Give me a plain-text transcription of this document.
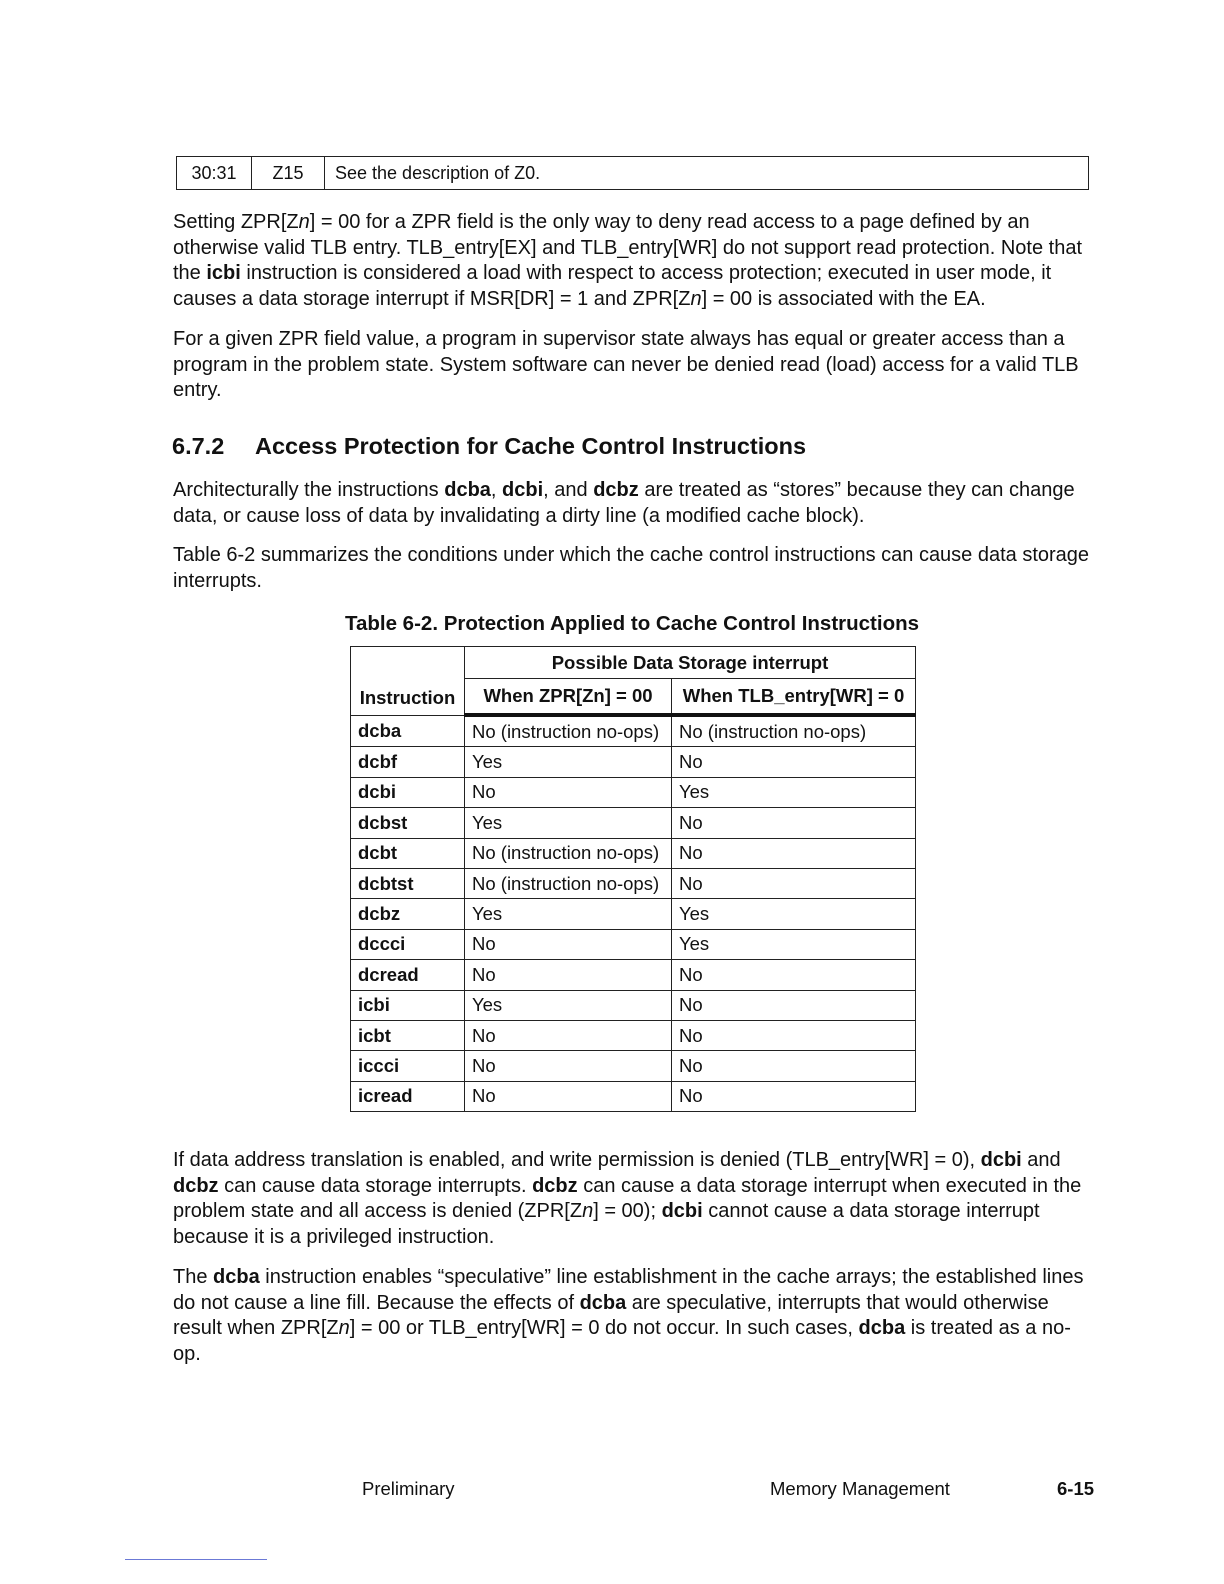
30:31	Z15	See the description of Z0.

Setting ZPR[Zn] = 00 for a ZPR field is the only way to deny read access to a page defined by an otherwise valid TLB entry. TLB_entry[EX] and TLB_entry[WR] do not support read protection. Note that the icbi instruction is considered a load with respect to access protection; executed in user mode, it causes a data storage interrupt if MSR[DR] = 1 and ZPR[Zn] = 00 is associated with the EA.

For a given ZPR field value, a program in supervisor state always has equal or greater access than a program in the problem state. System software can never be denied read (load) access for a valid TLB entry.

6.7.2 Access Protection for Cache Control Instructions

Architecturally the instructions dcba, dcbi, and dcbz are treated as “stores” because they can change data, or cause loss of data by invalidating a dirty line (a modified cache block).

Table 6-2 summarizes the conditions under which the cache control instructions can cause data storage interrupts.

Table 6-2. Protection Applied to Cache Control Instructions

Instruction	Possible Data Storage interrupt	
	When ZPR[Zn] = 00	When TLB_entry[WR] = 0
dcba	No (instruction no-ops)	No (instruction no-ops)
dcbf	Yes	No
dcbi	No	Yes
dcbst	Yes	No
dcbt	No (instruction no-ops)	No
dcbtst	No (instruction no-ops)	No
dcbz	Yes	Yes
dccci	No	Yes
dcread	No	No
icbi	Yes	No
icbt	No	No
iccci	No	No
icread	No	No

If data address translation is enabled, and write permission is denied (TLB_entry[WR] = 0), dcbi and dcbz can cause data storage interrupts. dcbz can cause a data storage interrupt when executed in the problem state and all access is denied (ZPR[Zn] = 00); dcbi cannot cause a data storage interrupt because it is a privileged instruction.

The dcba instruction enables “speculative” line establishment in the cache arrays; the established lines do not cause a line fill. Because the effects of dcba are speculative, interrupts that would otherwise result when ZPR[Zn] = 00 or TLB_entry[WR] = 0 do not occur. In such cases, dcba is treated as a no-op.

Preliminary	Memory Management	6-15
